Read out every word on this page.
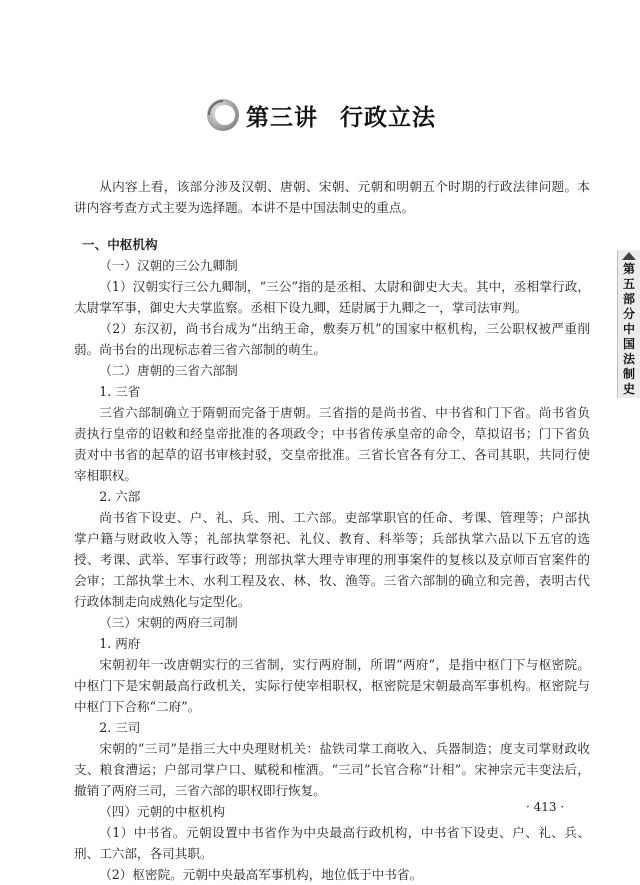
第三讲 行政立法

从内容上看，该部分涉及汉朝、唐朝、宋朝、元朝和明朝五个时期的行政法律问题。本讲内容考查方式主要为选择题。本讲不是中国法制史的重点。

一、中枢机构

（一）汉朝的三公九卿制

（1）汉朝实行三公九卿制，“三公”指的是丞相、太尉和御史大夫。其中，丞相掌行政，太尉掌军事，御史大夫掌监察。丞相下设九卿，廷尉属于九卿之一，掌司法审判。

（2）东汉初，尚书台成为“出纳王命，敷奏万机”的国家中枢机构，三公职权被严重削弱。尚书台的出现标志着三省六部制的萌生。

（二）唐朝的三省六部制

1. 三省

三省六部制确立于隋朝而完备于唐朝。三省指的是尚书省、中书省和门下省。尚书省负责执行皇帝的诏敕和经皇帝批准的各项政令；中书省传承皇帝的命令，草拟诏书；门下省负责对中书省的起草的诏书审核封驳，交皇帝批准。三省长官各有分工、各司其职，共同行使宰相职权。

2. 六部

尚书省下设吏、户、礼、兵、刑、工六部。吏部掌职官的任命、考课、管理等；户部执掌户籍与财政收入等；礼部执掌祭祀、礼仪、教育、科举等；兵部执掌六品以下五官的选授、考课、武举、军事行政等；刑部执掌大理寺审理的刑事案件的复核以及京师百官案件的会审；工部执掌土木、水利工程及农、林、牧、渔等。三省六部制的确立和完善，表明古代行政体制走向成熟化与定型化。

（三）宋朝的两府三司制

1. 两府

宋朝初年一改唐朝实行的三省制，实行两府制，所谓“两府”，是指中枢门下与枢密院。中枢门下是宋朝最高行政机关，实际行使宰相职权，枢密院是宋朝最高军事机构。枢密院与中枢门下合称“二府”。

2. 三司

宋朝的“三司”是指三大中央理财机关：盐铁司掌工商收入、兵器制造；度支司掌财政收支、粮食漕运；户部司掌户口、赋税和榷酒。“三司”长官合称“计相”。宋神宗元丰变法后，撤销了两府三司，三省六部的职权即行恢复。

（四）元朝的中枢机构

（1）中书省。元朝设置中书省作为中央最高行政机构，中书省下设吏、户、礼、兵、刑、工六部，各司其职。

（2）枢密院。元朝中央最高军事机构，地位低于中书省。

第五部分 中国法制史
· 413 ·
